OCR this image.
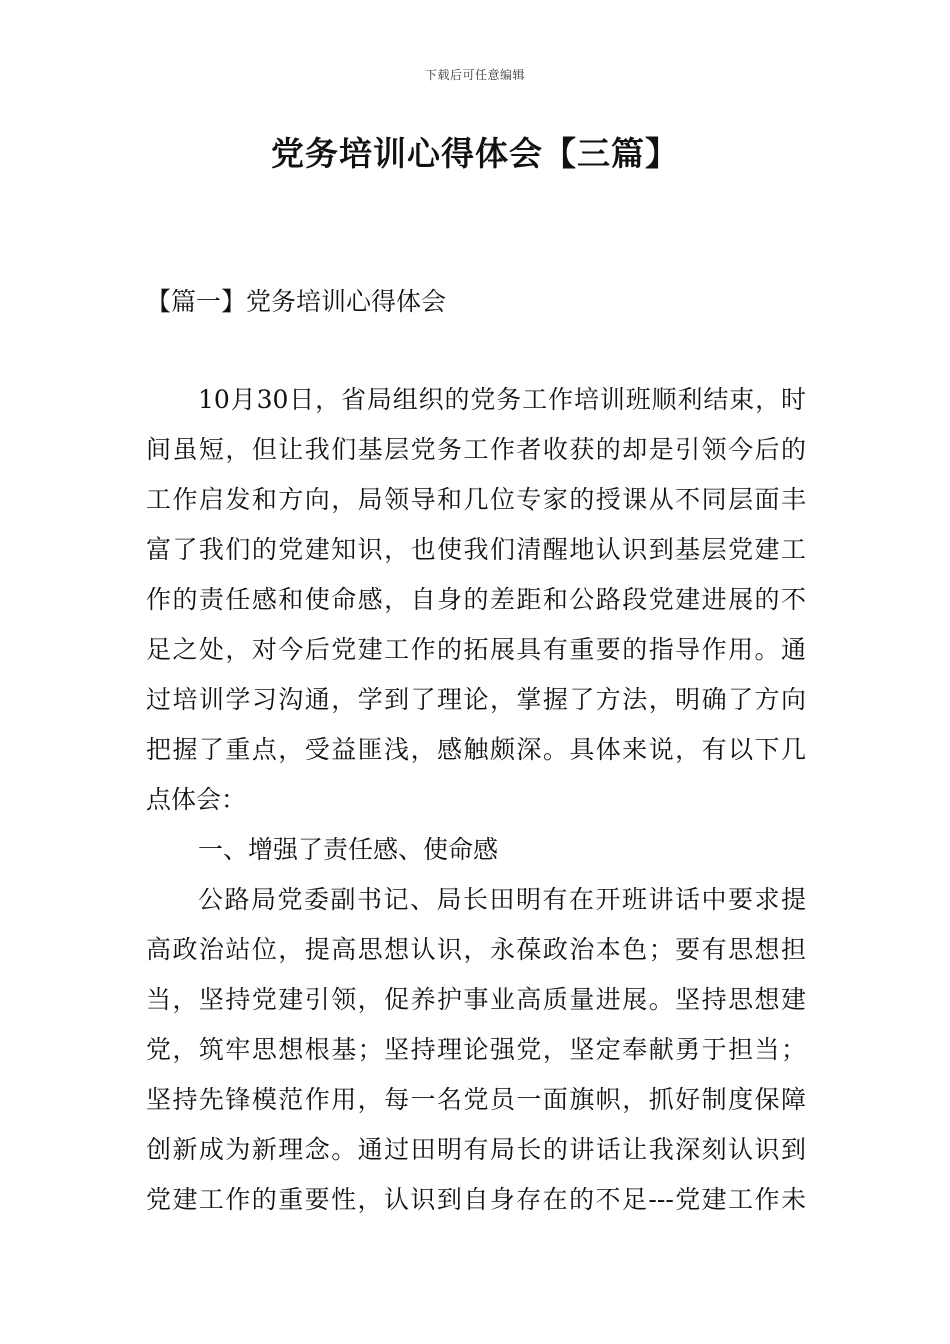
下载后可任意编辑
党务培训心得体会【三篇】
【篇一】党务培训心得体会
10月30日，省局组织的党务工作培训班顺利结束，时
间虽短，但让我们基层党务工作者收获的却是引领今后的
工作启发和方向，局领导和几位专家的授课从不同层面丰
富了我们的党建知识，也使我们清醒地认识到基层党建工
作的责任感和使命感，自身的差距和公路段党建进展的不
足之处，对今后党建工作的拓展具有重要的指导作用。通
过培训学习沟通，学到了理论，掌握了方法，明确了方向
把握了重点，受益匪浅，感触颇深。具体来说，有以下几
点体会：
一、增强了责任感、使命感
公路局党委副书记、局长田明有在开班讲话中要求提
高政治站位，提高思想认识，永葆政治本色；要有思想担
当，坚持党建引领，促养护事业高质量进展。坚持思想建
党，筑牢思想根基；坚持理论强党，坚定奉献勇于担当；
坚持先锋模范作用，每一名党员一面旗帜，抓好制度保障
创新成为新理念。通过田明有局长的讲话让我深刻认识到
党建工作的重要性，认识到自身存在的不足---党建工作未
